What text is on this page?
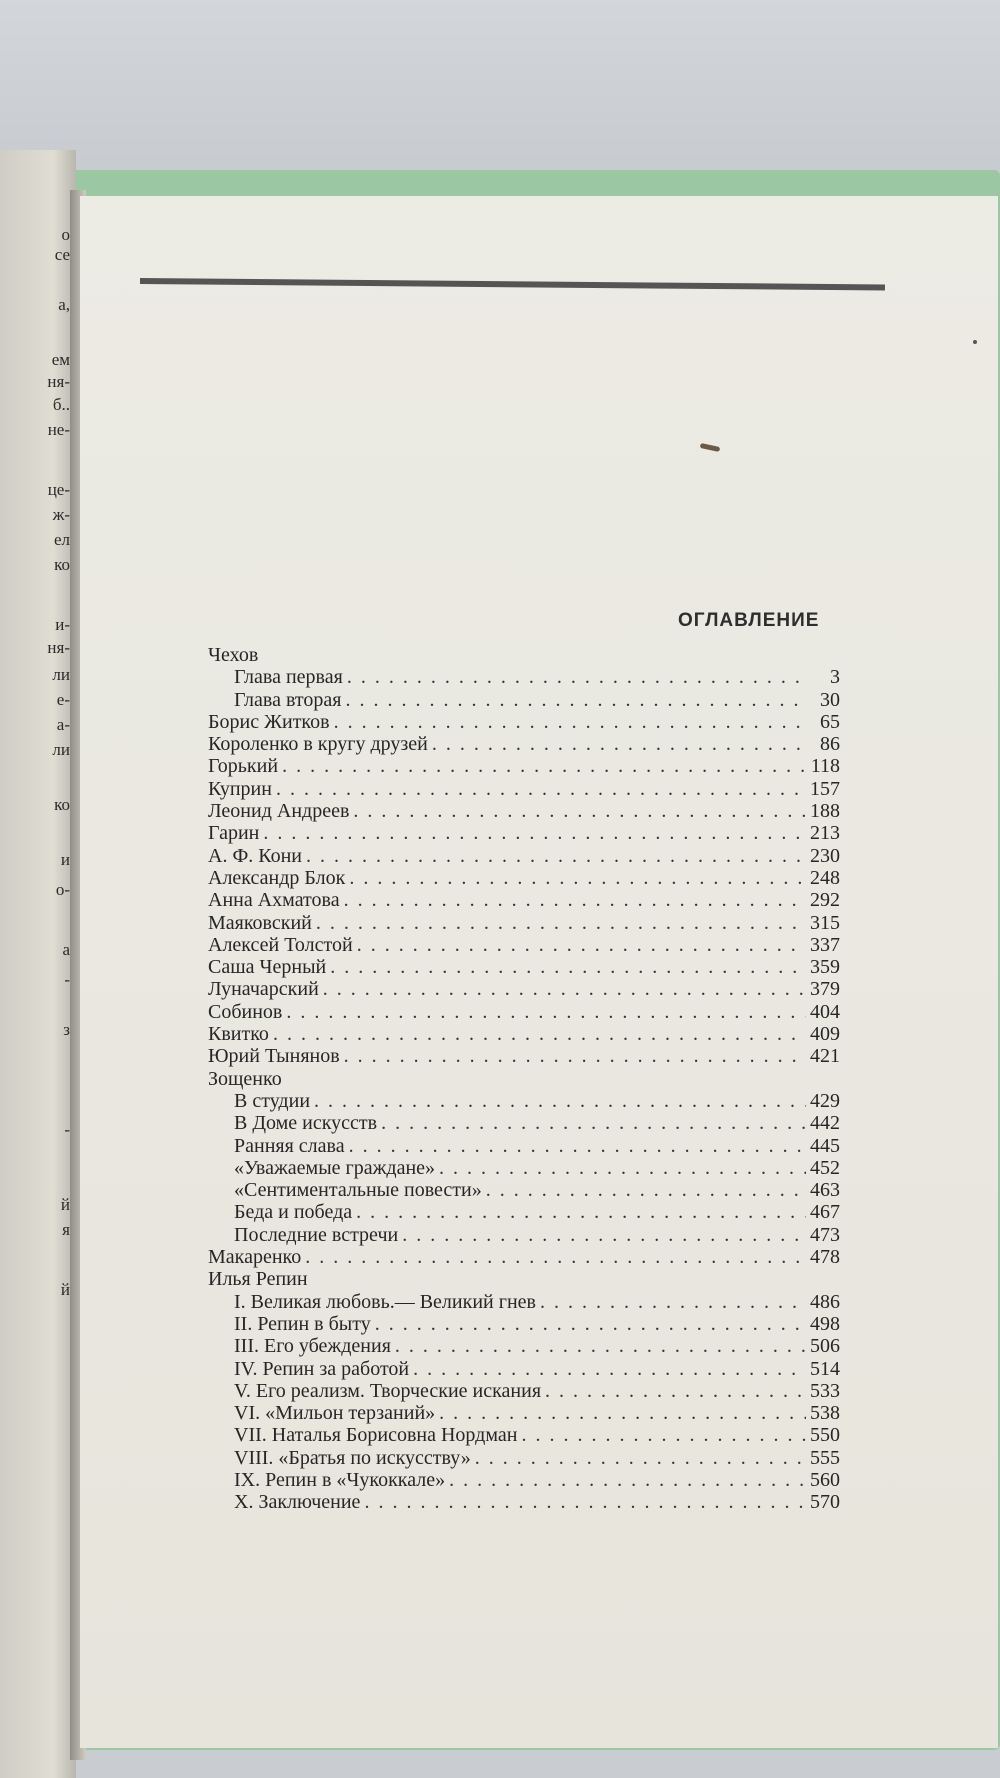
о
се
а,
ем
ня-
б..
не-
це-
ж-
ел
ко
и-
ня-
ли
е-
а-
ли
ко
и
о-
а
-
з
-
й
я
й
ОГЛАВЛЕНИЕ
Чехов
Глава первая . . .	3
Глава вторая . . .	30
Борис Житков . . .	65
Короленко в кругу друзей . . .	86
Горький . . .	118
Куприн . . .	157
Леонид Андреев . . .	188
Гарин . . .	213
А. Ф. Кони . . .	230
Александр Блок . . .	248
Анна Ахматова . . .	292
Маяковский . . .	315
Алексей Толстой . . .	337
Саша Черный . . .	359
Луначарский . . .	379
Собинов . . .	404
Квитко . . .	409
Юрий Тынянов . . .	421
Зощенко
В студии . . .	429
В Доме искусств . . .	442
Ранняя слава . . .	445
«Уважаемые граждане» . . .	452
«Сентиментальные повести» . . .	463
Беда и победа . . .	467
Последние встречи . . .	473
Макаренко . . .	478
Илья Репин
I. Великая любовь.— Великий гнев . . .	486
II. Репин в быту . . .	498
III. Его убеждения . . .	506
IV. Репин за работой . . .	514
V. Его реализм. Творческие искания . . .	533
VI. «Мильон терзаний» . . .	538
VII. Наталья Борисовна Нордман . . .	550
VIII. «Братья по искусству» . . .	555
IX. Репин в «Чукоккале» . . .	560
X. Заключение . . .	570
